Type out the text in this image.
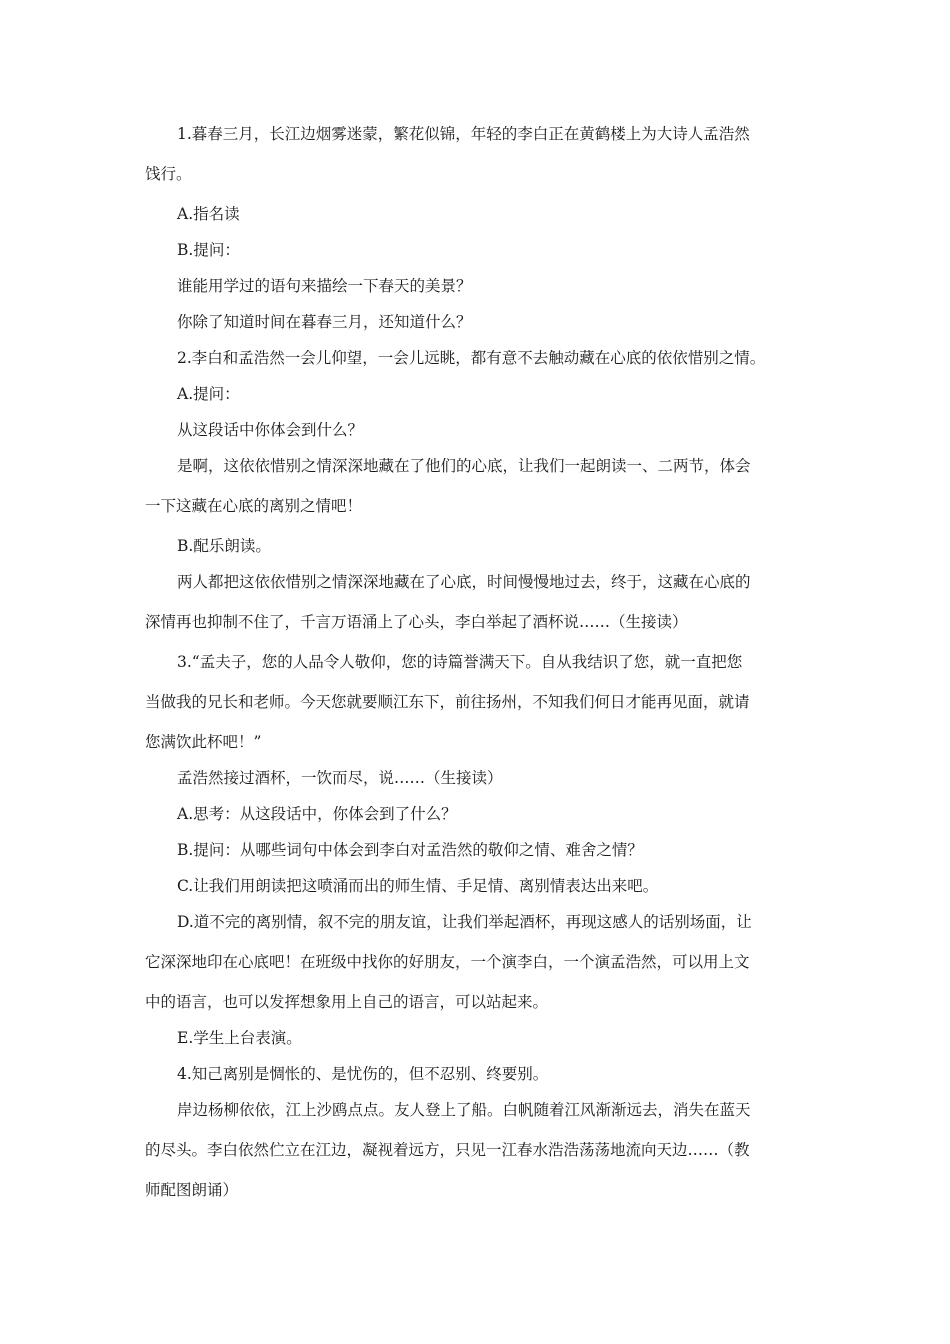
1.暮春三月，长江边烟雾迷蒙，繁花似锦，年轻的李白正在黄鹤楼上为大诗人孟浩然
饯行。
A.指名读
B.提问：
谁能用学过的语句来描绘一下春天的美景？
你除了知道时间在暮春三月，还知道什么？
2.李白和孟浩然一会儿仰望，一会儿远眺，都有意不去触动藏在心底的依依惜别之情。
A.提问：
从这段话中你体会到什么？
是啊，这依依惜别之情深深地藏在了他们的心底，让我们一起朗读一、二两节，体会
一下这藏在心底的离别之情吧！
B.配乐朗读。
两人都把这依依惜别之情深深地藏在了心底，时间慢慢地过去，终于，这藏在心底的
深情再也抑制不住了，千言万语涌上了心头，李白举起了酒杯说……（生接读）
3.“孟夫子，您的人品令人敬仰，您的诗篇誉满天下。自从我结识了您，就一直把您
当做我的兄长和老师。今天您就要顺江东下，前往扬州，不知我们何日才能再见面，就请
您满饮此杯吧！”
孟浩然接过酒杯，一饮而尽，说……（生接读）
A.思考：从这段话中，你体会到了什么？
B.提问：从哪些词句中体会到李白对孟浩然的敬仰之情、难舍之情？
C.让我们用朗读把这喷涌而出的师生情、手足情、离别情表达出来吧。
D.道不完的离别情，叙不完的朋友谊，让我们举起酒杯，再现这感人的话别场面，让
它深深地印在心底吧！在班级中找你的好朋友，一个演李白，一个演孟浩然，可以用上文
中的语言，也可以发挥想象用上自己的语言，可以站起来。
E.学生上台表演。
4.知己离别是惆怅的、是忧伤的，但不忍别、终要别。
岸边杨柳依依，江上沙鸥点点。友人登上了船。白帆随着江风渐渐远去，消失在蓝天
的尽头。李白依然伫立在江边，凝视着远方，只见一江春水浩浩荡荡地流向天边……（教
师配图朗诵）
